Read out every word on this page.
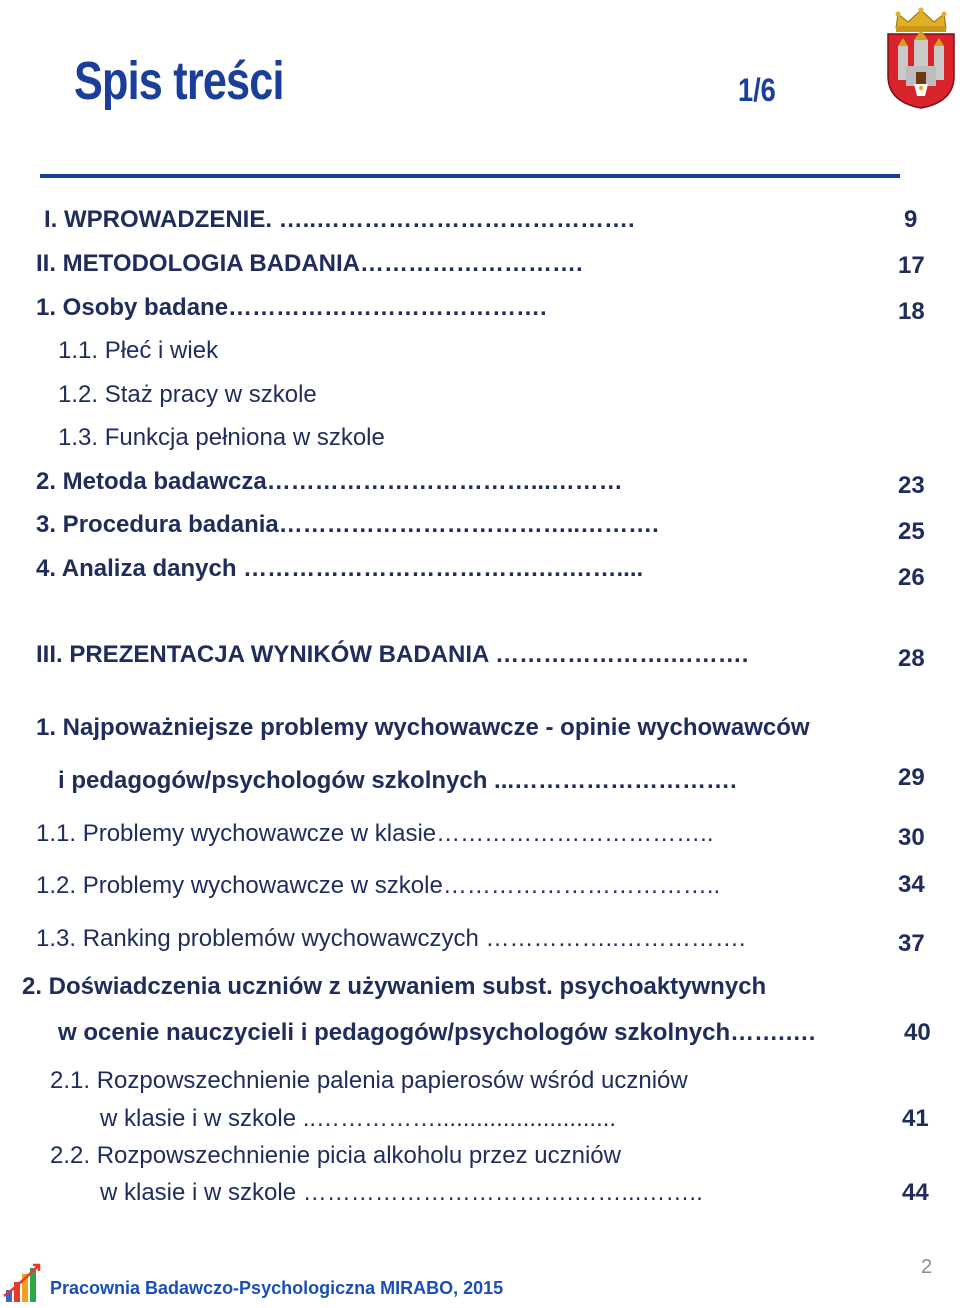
Spis treści	1/6
I. WPROWADZENIE. …..………………………………….	9
II. METODOLOGIA BADANIA……………………….	17
1. Osoby badane………………………………….	18
1.1. Płeć i wiek
1.2. Staż pracy w szkole
1.3. Funkcja pełniona w szkole
2. Metoda badawcza……………………………...………	23
3. Procedura badania………………………………..……….	25
4. Analiza danych ……………………………….….……....	26
III. PREZENTACJA WYNIKÓW BADANIA ………………….……….	28
1. Najpoważniejsze problemy wychowawcze - opinie wychowawców
i pedagogów/psychologów szkolnych ...……………………….	29
1.1. Problemy wychowawcze w klasie……………………………..	30
1.2. Problemy wychowawcze w szkole……………………………..	34
1.3. Ranking problemów wychowawczych ……………..…………….	37
2. Doświadczenia uczniów z używaniem subst. psychoaktywnych
w ocenie nauczycieli i pedagogów/psychologów szkolnych…….….	40
2.1. Rozpowszechnienie palenia papierosów wśród uczniów
w klasie i w szkole ..……………...........................	41
2.2. Rozpowszechnienie picia alkoholu przez uczniów
w klasie i w szkole …………………………….……...……..	44
Pracownia Badawczo-Psychologiczna MIRABO, 2015
2
